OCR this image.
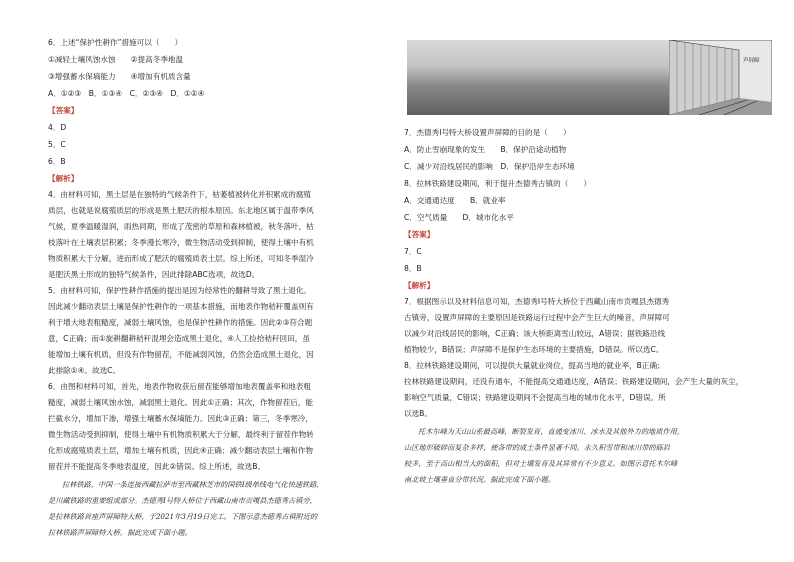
6．上述“保护性耕作”措施可以（　　）
①减轻土壤风蚀水蚀　　②提高冬季地温
③增强蓄水保墒能力　　④增加有机质含量
A．①②③　B．①③④　C．②③④　D．①②④
【答案】
4．D
5．C
6．B
【解析】
4．由材料可知，黑土层是在独特的气候条件下，枯萎植被转化并积累成的腐殖
质层，也就是说腐殖质层的形成是黑土肥沃的根本原因。东北地区属于温带季风
气候，夏季温暖湿润，雨热同期，形成了茂密的草原和森林植被，秋冬落叶，枯
枝落叶在土壤表层积累；冬季漫长寒冷，微生物活动受到抑制，使得土壤中有机
物质积累大于分解，进而形成了肥沃的腐殖质表土层。综上所述，可知冬季湿冷
是肥沃黑土形成的独特气候条件，因此排除ABC选项，故选D。
5．由材料可知，保护性耕作措施的提出是因为经常性的翻耕导致了黑土退化。
因此减少翻动表层土壤是保护性耕作的一项基本措施，而地表作物秸秆覆盖则有
利于增大地表粗糙度，减弱土壤风蚀，也是保护性耕作的措施。因此②③符合题
意，C正确；而①旋耕翻耕秸秆混埋会造成黑土退化，④人工捡拾秸秆回田，虽
能增加土壤有机质，但没有作物留茬，不能减弱风蚀，仍然会造成黑土退化，因
此排除①④。故选C。
6．由图和材料可知，首先，地表作物收获后留茬能够增加地表覆盖率和地表粗
糙度，减弱土壤风蚀水蚀，减弱黑土退化。因此①正确；其次，作物留茬后，能
拦截水分，增加下渗，增强土壤蓄水保墒能力。因此③正确；第三，冬季寒冷，
微生物活动受到抑制，使得土壤中有机物质积累大于分解，最终利于留茬作物转
化形成腐殖质表土层，增加土壤有机质，因此④正确；减少翻动表层土壤和作物
留茬并不能提高冬季地表温度，因此②错误。综上所述，故选B。
拉林铁路，中国一条连接西藏拉萨市至西藏林芝市的国铁Ⅰ级单线电气化快速铁路，
是川藏铁路的重要组成部分。杰德秀Ⅰ号特大桥位于西藏山南市贡嘎县杰德秀古镇旁，
是拉林铁路首座声屏障特大桥，于2021年3月19日完工。下图示意杰德秀古镇附近的
拉林铁路声屏障特大桥。据此完成下面小题。
声屏障
7．杰德秀Ⅰ号特大桥设置声屏障的目的是（　　）
A．防止雪崩现象的发生　　B．保护沿途动植物
C．减少对沿线居民的影响　D．保护沿岸生态环境
8．拉林铁路建设期间，利于提升杰德秀古镇的（　　）
A．交通通达度　　B．就业率
C．空气质量　　D．城市化水平
【答案】
7．C
8．B
【解析】
7．根据图示以及材料信息可知，杰德秀Ⅰ号特大桥位于西藏山南市贡嘎县杰德秀
古镇旁，设置声屏障的主要原因是铁路运行过程中会产生巨大的噪音，声屏障可
以减少对沿线居民的影响，C正确；该大桥距离雪山较远，A错误；据铁路沿线
植物较少，B错误；声屏障不是保护生态环境的主要措施，D错误。所以选C。
8．拉林铁路建设期间，可以提供大量就业岗位，提高当地的就业率，B正确；
拉林铁路建设期间，还没有通车，不能提高交通通达度，A错误；铁路建设期间，会产生大量的灰尘，
影响空气质量，C错误；铁路建设期间不会提高当地的城市化水平，D错误。所
以选B。
托木尔峰为天山山系最高峰，断裂发育，直通变冰川、冰水及其他外力的地质作用，
山区地形破碎而复杂多样，使各带的成土条件显著不同。永久积雪带和冰川带的砾岩
较多，至于高山相当大的面积，但对土壤发育及其异常有不少意义。如图示意托木尔峰
南北坡土壤垂直分带状况。据此完成下面小题。
